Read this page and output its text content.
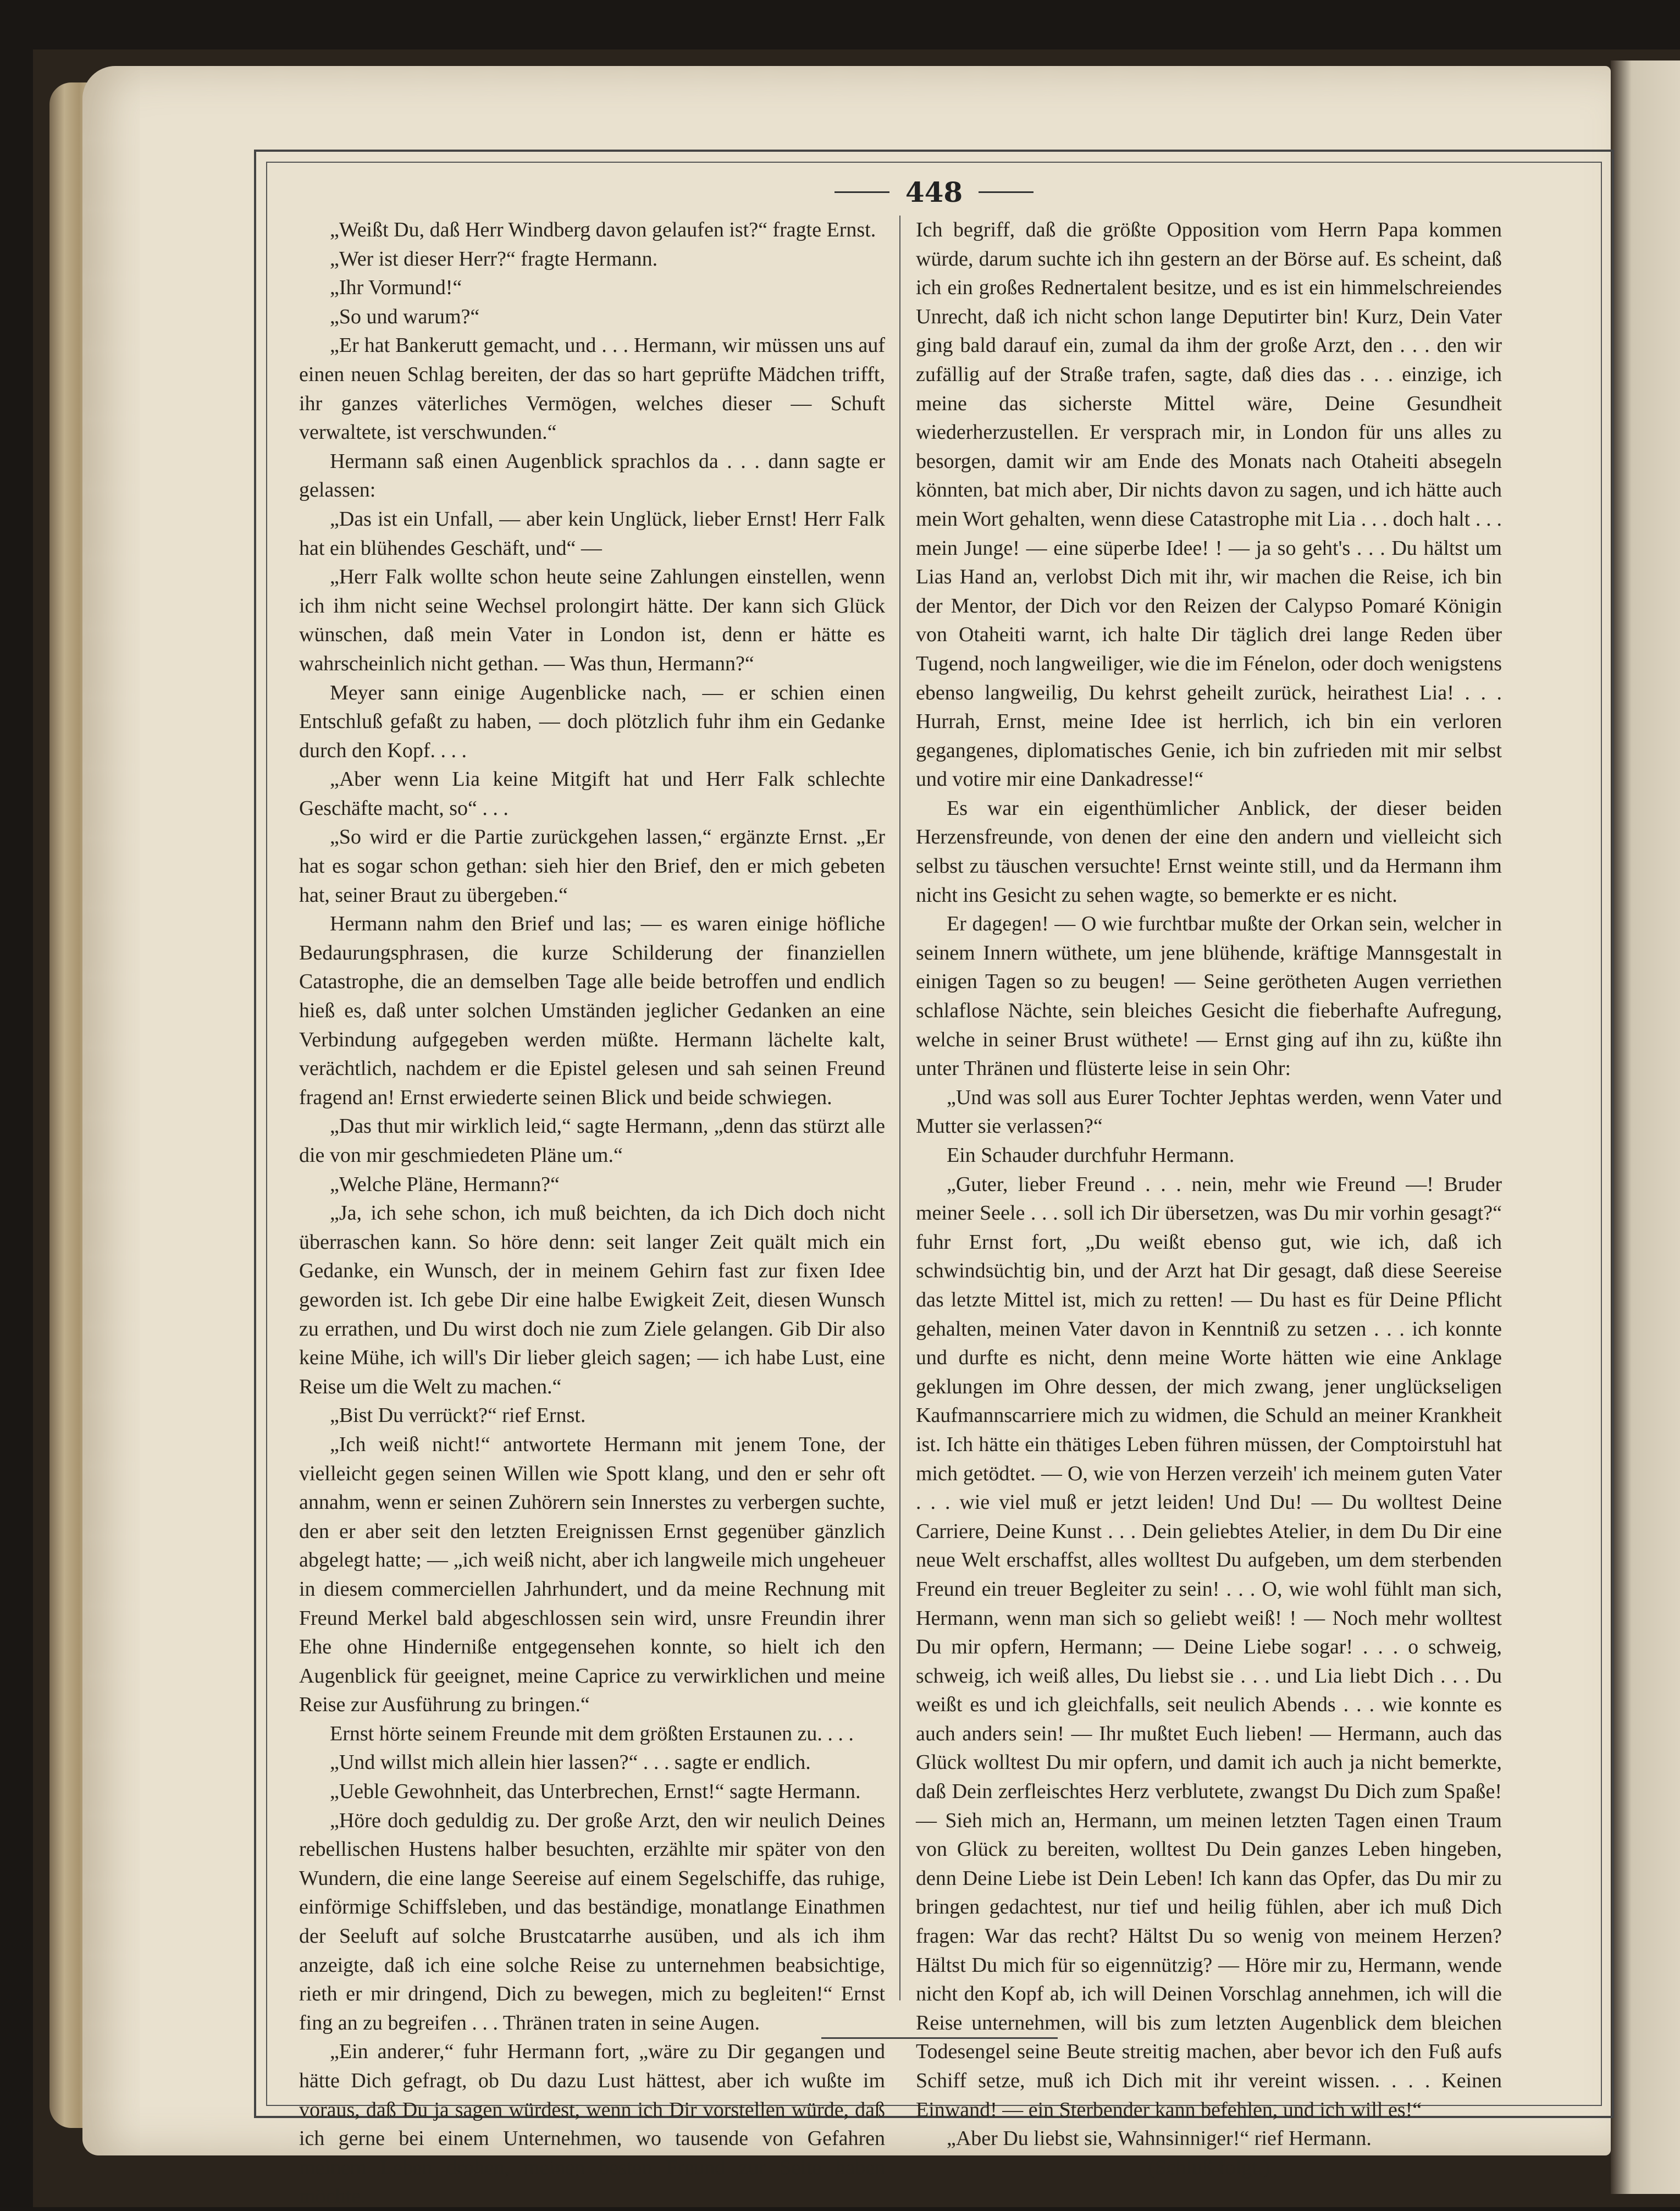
448

„Weißt Du, daß Herr Windberg davon gelaufen ist?“ fragte Ernst.

„Wer ist dieser Herr?“ fragte Hermann.

„Ihr Vormund!“

„So und warum?“

„Er hat Bankerutt gemacht, und . . . Hermann, wir müssen uns auf einen neuen Schlag bereiten, der das so hart geprüfte Mädchen trifft, ihr ganzes väterliches Vermögen, welches dieser — Schuft verwaltete, ist verschwunden.“

Hermann saß einen Augenblick sprachlos da . . . dann sagte er gelassen:

„Das ist ein Unfall, — aber kein Unglück, lieber Ernst! Herr Falk hat ein blühendes Geschäft, und“ —

„Herr Falk wollte schon heute seine Zahlungen einstellen, wenn ich ihm nicht seine Wechsel prolongirt hätte. Der kann sich Glück wünschen, daß mein Vater in London ist, denn er hätte es wahrscheinlich nicht gethan. — Was thun, Hermann?“

Meyer sann einige Augenblicke nach, — er schien einen Entschluß gefaßt zu haben, — doch plötzlich fuhr ihm ein Gedanke durch den Kopf. . . .

„Aber wenn Lia keine Mitgift hat und Herr Falk schlechte Geschäfte macht, so“ . . .

„So wird er die Partie zurückgehen lassen,“ ergänzte Ernst. „Er hat es sogar schon gethan: sieh hier den Brief, den er mich gebeten hat, seiner Braut zu übergeben.“

Hermann nahm den Brief und las; — es waren einige höfliche Bedaurungsphrasen, die kurze Schilderung der finanziellen Catastrophe, die an demselben Tage alle beide betroffen und endlich hieß es, daß unter solchen Umständen jeglicher Gedanken an eine Verbindung aufgegeben werden müßte. Hermann lächelte kalt, verächtlich, nachdem er die Epistel gelesen und sah seinen Freund fragend an! Ernst erwiederte seinen Blick und beide schwiegen.

„Das thut mir wirklich leid,“ sagte Hermann, „denn das stürzt alle die von mir geschmiedeten Pläne um.“

„Welche Pläne, Hermann?“

„Ja, ich sehe schon, ich muß beichten, da ich Dich doch nicht überraschen kann. So höre denn: seit langer Zeit quält mich ein Gedanke, ein Wunsch, der in meinem Gehirn fast zur fixen Idee geworden ist. Ich gebe Dir eine halbe Ewigkeit Zeit, diesen Wunsch zu errathen, und Du wirst doch nie zum Ziele gelangen. Gib Dir also keine Mühe, ich will's Dir lieber gleich sagen; — ich habe Lust, eine Reise um die Welt zu machen.“

„Bist Du verrückt?“ rief Ernst.

„Ich weiß nicht!“ antwortete Hermann mit jenem Tone, der vielleicht gegen seinen Willen wie Spott klang, und den er sehr oft annahm, wenn er seinen Zuhörern sein Innerstes zu verbergen suchte, den er aber seit den letzten Ereignissen Ernst gegenüber gänzlich abgelegt hatte; — „ich weiß nicht, aber ich langweile mich ungeheuer in diesem commerciellen Jahrhundert, und da meine Rechnung mit Freund Merkel bald abgeschlossen sein wird, unsre Freundin ihrer Ehe ohne Hinderniße entgegensehen konnte, so hielt ich den Augenblick für geeignet, meine Caprice zu verwirklichen und meine Reise zur Ausführung zu bringen.“

Ernst hörte seinem Freunde mit dem größten Erstaunen zu. . . .

„Und willst mich allein hier lassen?“ . . . sagte er endlich.

„Ueble Gewohnheit, das Unterbrechen, Ernst!“ sagte Hermann.

„Höre doch geduldig zu. Der große Arzt, den wir neulich Deines rebellischen Hustens halber besuchten, erzählte mir später von den Wundern, die eine lange Seereise auf einem Segelschiffe, das ruhige, einförmige Schiffsleben, und das beständige, monatlange Einathmen der Seeluft auf solche Brustcatarrhe ausüben, und als ich ihm anzeigte, daß ich eine solche Reise zu unternehmen beabsichtige, rieth er mir dringend, Dich zu bewegen, mich zu begleiten!“ Ernst fing an zu begreifen . . . Thränen traten in seine Augen.

„Ein anderer,“ fuhr Hermann fort, „wäre zu Dir gegangen und hätte Dich gefragt, ob Du dazu Lust hättest, aber ich wußte im voraus, daß Du ja sagen würdest, wenn ich Dir vorstellen würde, daß ich gerne bei einem Unternehmen, wo tausende von Gefahren meinem Leben drohen, meinen besten Freund zur Seite haben möchte.

Ich begriff, daß die größte Opposition vom Herrn Papa kommen würde, darum suchte ich ihn gestern an der Börse auf. Es scheint, daß ich ein großes Rednertalent besitze, und es ist ein himmelschreiendes Unrecht, daß ich nicht schon lange Deputirter bin! Kurz, Dein Vater ging bald darauf ein, zumal da ihm der große Arzt, den . . . den wir zufällig auf der Straße trafen, sagte, daß dies das . . . einzige, ich meine das sicherste Mittel wäre, Deine Gesundheit wiederherzustellen. Er versprach mir, in London für uns alles zu besorgen, damit wir am Ende des Monats nach Otaheiti absegeln könnten, bat mich aber, Dir nichts davon zu sagen, und ich hätte auch mein Wort gehalten, wenn diese Catastrophe mit Lia . . . doch halt . . . mein Junge! — eine süperbe Idee! ! — ja so geht's . . . Du hältst um Lias Hand an, verlobst Dich mit ihr, wir machen die Reise, ich bin der Mentor, der Dich vor den Reizen der Calypso Pomaré Königin von Otaheiti warnt, ich halte Dir täglich drei lange Reden über Tugend, noch langweiliger, wie die im Fénelon, oder doch wenigstens ebenso langweilig, Du kehrst geheilt zurück, heirathest Lia! . . . Hurrah, Ernst, meine Idee ist herrlich, ich bin ein verloren gegangenes, diplomatisches Genie, ich bin zufrieden mit mir selbst und votire mir eine Dankadresse!“

Es war ein eigenthümlicher Anblick, der dieser beiden Herzensfreunde, von denen der eine den andern und vielleicht sich selbst zu täuschen versuchte! Ernst weinte still, und da Hermann ihm nicht ins Gesicht zu sehen wagte, so bemerkte er es nicht.

Er dagegen! — O wie furchtbar mußte der Orkan sein, welcher in seinem Innern wüthete, um jene blühende, kräftige Mannsgestalt in einigen Tagen so zu beugen! — Seine gerötheten Augen verriethen schlaflose Nächte, sein bleiches Gesicht die fieberhafte Aufregung, welche in seiner Brust wüthete! — Ernst ging auf ihn zu, küßte ihn unter Thränen und flüsterte leise in sein Ohr:

„Und was soll aus Eurer Tochter Jephtas werden, wenn Vater und Mutter sie verlassen?“

Ein Schauder durchfuhr Hermann.

„Guter, lieber Freund . . . nein, mehr wie Freund —! Bruder meiner Seele . . . soll ich Dir übersetzen, was Du mir vorhin gesagt?“ fuhr Ernst fort, „Du weißt ebenso gut, wie ich, daß ich schwindsüchtig bin, und der Arzt hat Dir gesagt, daß diese Seereise das letzte Mittel ist, mich zu retten! — Du hast es für Deine Pflicht gehalten, meinen Vater davon in Kenntniß zu setzen . . . ich konnte und durfte es nicht, denn meine Worte hätten wie eine Anklage geklungen im Ohre dessen, der mich zwang, jener unglückseligen Kaufmannscarriere mich zu widmen, die Schuld an meiner Krankheit ist. Ich hätte ein thätiges Leben führen müssen, der Comptoirstuhl hat mich getödtet. — O, wie von Herzen verzeih' ich meinem guten Vater . . . wie viel muß er jetzt leiden! Und Du! — Du wolltest Deine Carriere, Deine Kunst . . . Dein geliebtes Atelier, in dem Du Dir eine neue Welt erschaffst, alles wolltest Du aufgeben, um dem sterbenden Freund ein treuer Begleiter zu sein! . . . O, wie wohl fühlt man sich, Hermann, wenn man sich so geliebt weiß! ! — Noch mehr wolltest Du mir opfern, Hermann; — Deine Liebe sogar! . . . o schweig, schweig, ich weiß alles, Du liebst sie . . . und Lia liebt Dich . . . Du weißt es und ich gleichfalls, seit neulich Abends . . . wie konnte es auch anders sein! — Ihr mußtet Euch lieben! — Hermann, auch das Glück wolltest Du mir opfern, und damit ich auch ja nicht bemerkte, daß Dein zerfleischtes Herz verblutete, zwangst Du Dich zum Spaße! — Sieh mich an, Hermann, um meinen letzten Tagen einen Traum von Glück zu bereiten, wolltest Du Dein ganzes Leben hingeben, denn Deine Liebe ist Dein Leben! Ich kann das Opfer, das Du mir zu bringen gedachtest, nur tief und heilig fühlen, aber ich muß Dich fragen: War das recht? Hältst Du so wenig von meinem Herzen? Hältst Du mich für so eigennützig? — Höre mir zu, Hermann, wende nicht den Kopf ab, ich will Deinen Vorschlag annehmen, ich will die Reise unternehmen, will bis zum letzten Augenblick dem bleichen Todesengel seine Beute streitig machen, aber bevor ich den Fuß aufs Schiff setze, muß ich Dich mit ihr vereint wissen. . . . Keinen Einwand! — ein Sterbender kann befehlen, und ich will es!“

„Aber Du liebst sie, Wahnsinniger!“ rief Hermann.

(Schluß folgt.)
